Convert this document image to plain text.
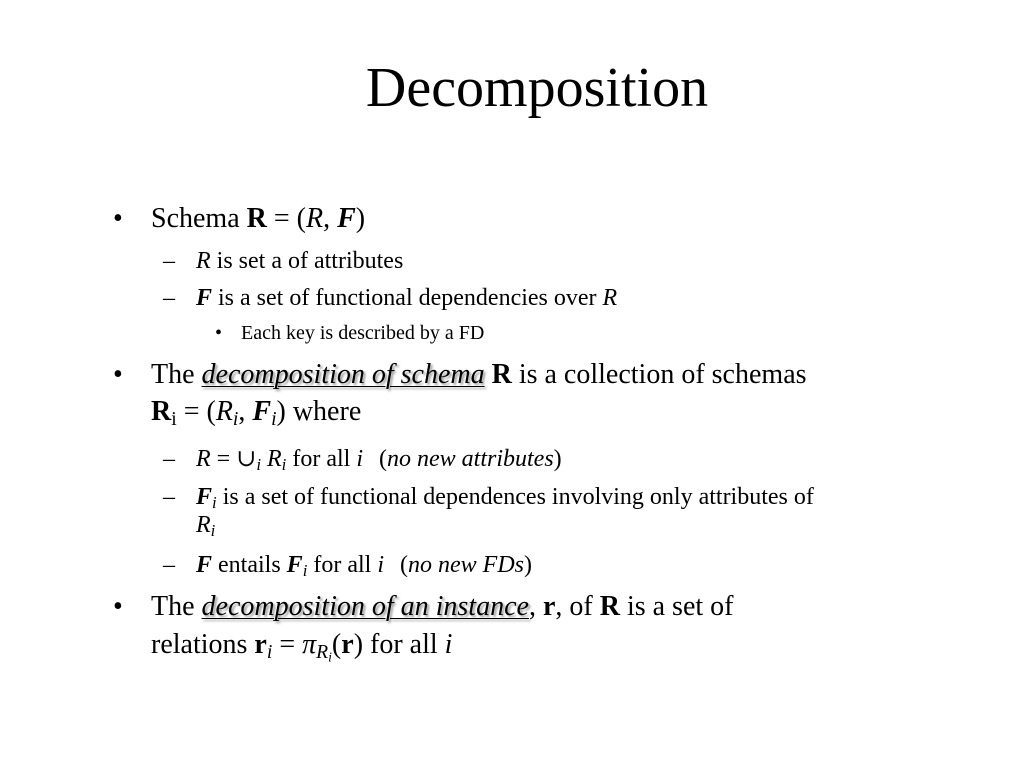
Decomposition
• Schema R = (R, F)
– R is set a of attributes
– F is a set of functional dependencies over R
• Each key is described by a FD
• The decomposition of schema R is a collection of schemas
$R_i = (R_i$, $F_i$) where
– $R = \cup_i$ $R_i$ for all i (no new attributes)
– $F_i$ is a set of functional dependences involving only attributes of
$R_i$
– F entails $F_i$ for all i (no new FDs)
• The decomposition of an instance, r, of R is a set of
relations $r_i = \pi_{R_i}(r)$ for all i
